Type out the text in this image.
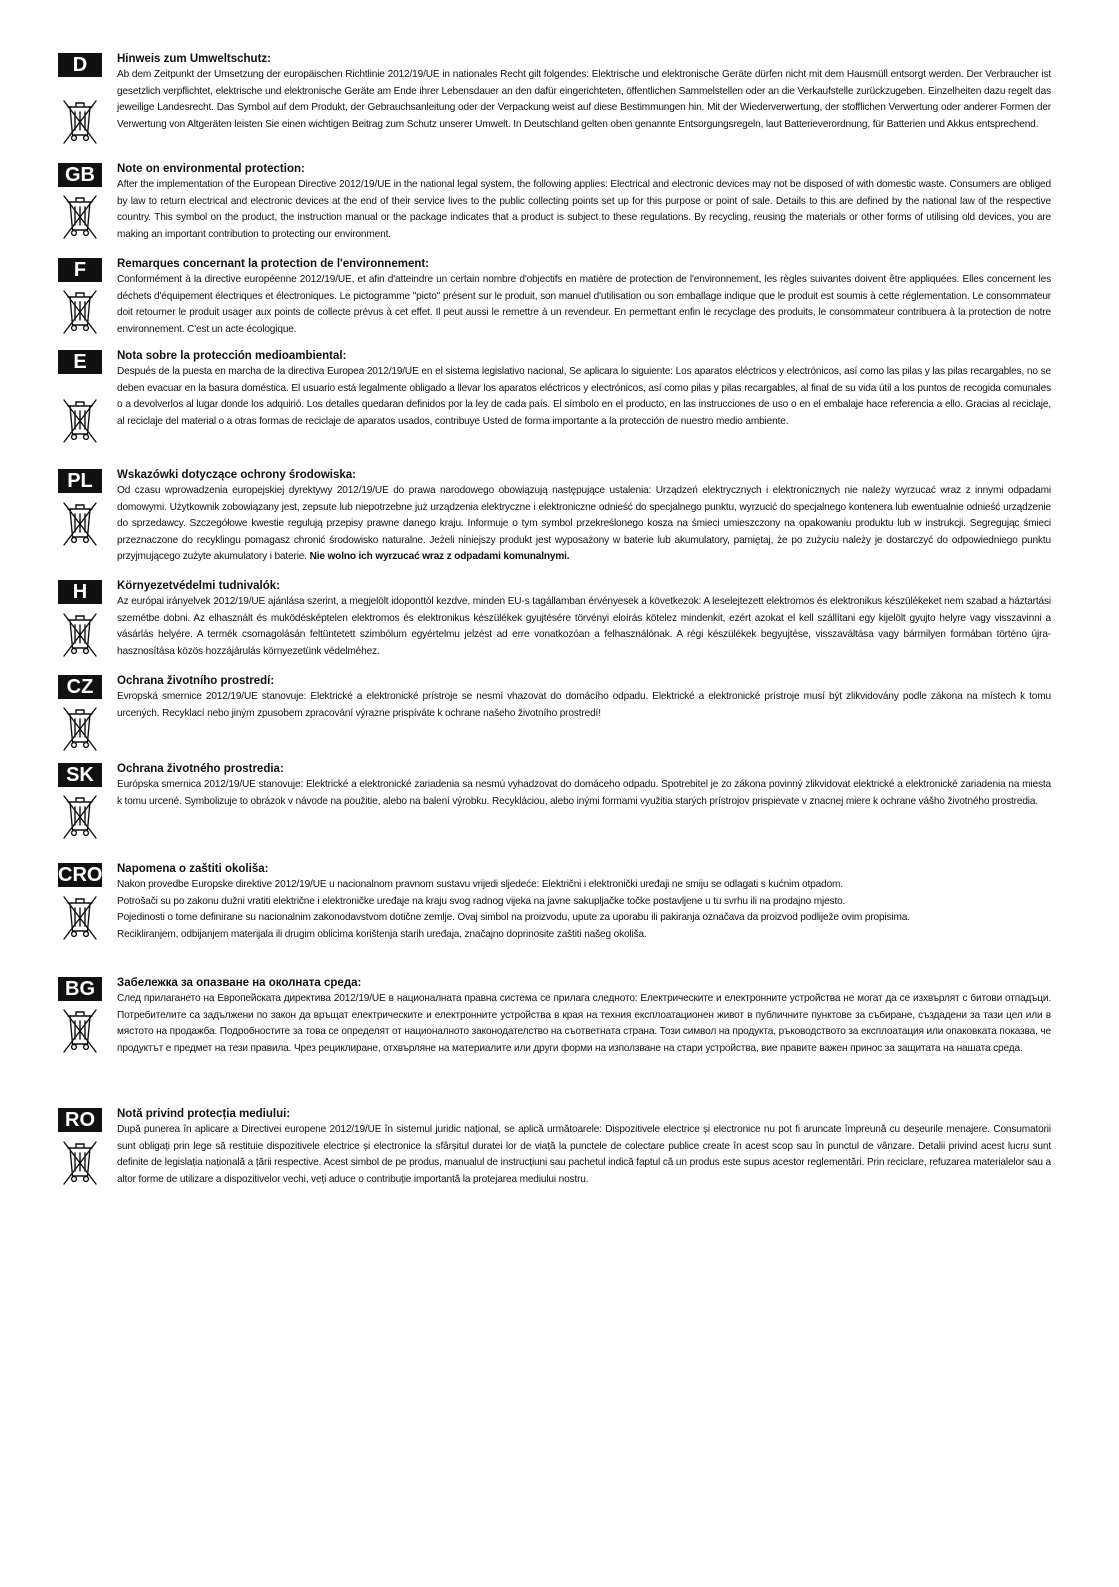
D	Hinweis zum Umweltschutz:

Ab dem Zeitpunkt der Umsetzung der europäischen Richtlinie 2012/19/UE in nationales Recht gilt folgendes: Elektrische und elektronische Geräte dürfen nicht mit dem Hausmüll entsorgt werden. Der Verbraucher ist gesetzlich verpflichtet, elektrische und elektronische Geräte am Ende ihrer Lebensdauer an den dafür eingerichteten, öffentlichen Sammelstellen oder an die Verkaufstelle zurückzugeben. Einzelheiten dazu regelt das jeweilige Landesrecht. Das Symbol auf dem Produkt, der Gebrauchsanleitung oder der Verpackung weist auf diese Bestimmungen hin. Mit der Wiederverwertung, der stofflichen Verwertung oder anderer Formen der Verwertung von Altgeräten leisten Sie einen wichtigen Beitrag zum Schutz unserer Umwelt. In Deutschland gelten oben genannte Entsorgungsregeln, laut Batterieverordnung, für Batterien und Akkus entsprechend.

GB	Note on environmental protection:

After the implementation of the European Directive 2012/19/UE in the national legal system, the following applies: Electrical and electronic devices may not be disposed of with domestic waste. Consumers are obliged by law to return electrical and electronic devices at the end of their service lives to the public collecting points set up for this purpose or point of sale. Details to this are defined by the national law of the respective country. This symbol on the product, the instruction manual or the package indicates that a product is subject to these regulations. By recycling, reusing the materials or other forms of utilising old devices, you are making an important contribution to protecting our environment.

F	Remarques concernant la protection de l'environnement:

Conformément à la directive européenne 2012/19/UE, et afin d'atteindre un certain nombre d'objectifs en matière de protection de l'environnement, les règles suivantes doivent être appliquées. Elles concernent les déchets d'équipement électriques et électroniques. Le pictogramme "picto" présent sur le produit, son manuel d'utilisation ou son emballage indique que le produit est soumis à cette réglementation. Le consommateur doit retourner le produit usager aux points de collecte prévus à cet effet. Il peut aussi le remettre à un revendeur. En permettant enfin le recyclage des produits, le consommateur contribuera à la protection de notre environnement. C'est un acte écologique.

E	Nota sobre la protección medioambiental:

Después de la puesta en marcha de la directiva Europea 2012/19/UE en el sistema legislativo nacional, Se aplicara lo siguiente: Los aparatos eléctricos y electrónicos, así como las pilas y las pilas recargables, no se deben evacuar en la basura doméstica. El usuario está legalmente obligado a llevar los aparatos eléctricos y electrónicos, así como pilas y pilas recargables, al final de su vida útil a los puntos de recogida comunales o a devolverlos al lugar donde los adquirió. Los detalles quedaran definidos por la ley de cada país. El símbolo en el producto, en las instrucciones de uso o en el embalaje hace referencia a ello. Gracias al reciclaje, al reciclaje del material o a otras formas de reciclaje de aparatos usados, contribuye Usted de forma importante a la protección de nuestro medio ambiente.

PL	Wskazówki dotyczące ochrony środowiska:

Od czasu wprowadzenia europejskiej dyrektywy 2012/19/UE do prawa narodowego obowiązują następujące ustalenia: Urządzeń elektrycznych i elektronicznych nie należy wyrzucać wraz z innymi odpadami domowymi. Użytkownik zobowiązany jest, zepsute lub niepotrzebne już urządzenia elektryczne i elektroniczne odnieść do specjalnego punktu, wyrzucić do specjalnego kontenera lub ewentualnie odnieść urządzenie do sprzedawcy. Szczegółowe kwestie regulują przepisy prawne danego kraju. Informuje o tym symbol przekreślonego kosza na śmieci umieszczony na opakowaniu produktu lub w instrukcji. Segregując śmieci przeznaczone do recyklingu pomagasz chronić środowisko naturalne. Jeżeli niniejszy produkt jest wyposażony w baterie lub akumulatory, pamiętaj, że po zużyciu należy je dostarczyć do odpowiedniego punktu przyjmującego zużyte akumulatory i baterie. Nie wolno ich wyrzucać wraz z odpadami komunalnymi.

H	Környezetvédelmi tudnivalók:

Az európai irányelvek 2012/19/UE ajánlása szerint, a megjelölt idoponttól kezdve, minden EU-s tagállamban érvényesek a következok: A leselejtezett elektromos és elektronikus készülékeket nem szabad a háztartási szemétbe dobni. Az elhasznált és muködésképtelen elektromos és elektronikus készülékek gyujtésére törvényi eloírás kötelez mindenkit, ezért azokat el kell szállítani egy kijelölt gyujto helyre vagy visszavinni a vásárlás helyére. A termék csomagolásán feltüntetett szimbólum egyértelmu jelzést ad erre vonatkozóan a felhasználónak. A régi készülékek begyujtése, visszaváltása vagy bármilyen formában történo újra- hasznosítása közös hozzájárulás környezetünk védelméhez.

CZ	Ochrana životního prostredí:

Evropská smernice 2012/19/UE stanovuje: Elektrické a elektronické prístroje se nesmí vhazovat do domácího odpadu. Elektrické a elektronické prístroje musí být zlikvidovány podle zákona na místech k tomu urcených. Recyklací nebo jiným zpusobem zpracování výrazne prispíváte k ochrane našeho životního prostredí!

SK	Ochrana životného prostredia:

Európska smernica 2012/19/UE stanovuje: Elektrické a elektronické zariadenia sa nesmú vyhadzovat do domáceho odpadu. Spotrebitel je zo zákona povinný zlikvidovat elektrické a elektronické zariadenia na miesta k tomu urcené. Symbolizuje to obrázok v návode na použitie, alebo na balení výrobku. Recykláciou, alebo inými formami využitia starých prístrojov prispievate v znacnej miere k ochrane vášho životného prostredia.

CRO Napomena o zaštiti okoliša:

Nakon provedbe Europske direktive 2012/19/UE u nacionalnom pravnom sustavu vrijedi sljedeće: Električni i elektronički uređaji ne smiju se odlagati s kućnim otpadom.

Potrošači su po zakonu dužni vratiti električne i elektroničke uređaje na kraju svog radnog vijeka na javne sakupljačke točke postavljene u tu svrhu ili na prodajno mjesto.

Pojedinosti o tome definirane su nacionalnim zakonodavstvom dotične zemlje. Ovaj simbol na proizvodu, upute za uporabu ili pakiranja označava da proizvod podliježe ovim propisima.

Recikliranjem, odbijanjem materijala ili drugim oblicima korištenja starih uređaja, značajno doprinosite zaštiti našeg okoliša.

BG	Забележка за опазване на околната среда:

След прилагането на Европейската директива 2012/19/UE в националната правна система се прилага следното: Електрическите и електронните устройства не могат да се изхвърлят с битови отпадъци. Потребителите са задължени по закон да връщат електрическите и електронните устройства в края на техния експлоатационен живот в публичните пунктове за събиране, създадени за тази цел или в мястото на продажба. Подробностите за това се определят от националното законодателство на съответната страна. Този символ на продукта, ръководството за експлоатация или опаковката показва, че продуктът е предмет на тези правила. Чрез рециклиране, отхвърляне на материалите или други форми на използване на стари устройства, вие правите важен принос за защитата на нашата среда.

RO	Notă privind protecția mediului:

După punerea în aplicare a Directivei europene 2012/19/UE în sistemul juridic național, se aplică următoarele: Dispozitivele electrice și electronice nu pot fi aruncate împreună cu deșeurile menajere. Consumatorii sunt obligați prin lege să restituie dispozitivele electrice și electronice la sfârșitul duratei lor de viață la punctele de colectare publice create în acest scop sau în punctul de vânzare. Detalii privind acest lucru sunt definite de legislația națională a țării respective. Acest simbol de pe produs, manualul de instrucțiuni sau pachetul indică faptul că un produs este supus acestor reglementări. Prin reciclare, refuzarea materialelor sau a altor forme de utilizare a dispozitivelor vechi, veți aduce o contribuție importantă la protejarea mediului nostru.
